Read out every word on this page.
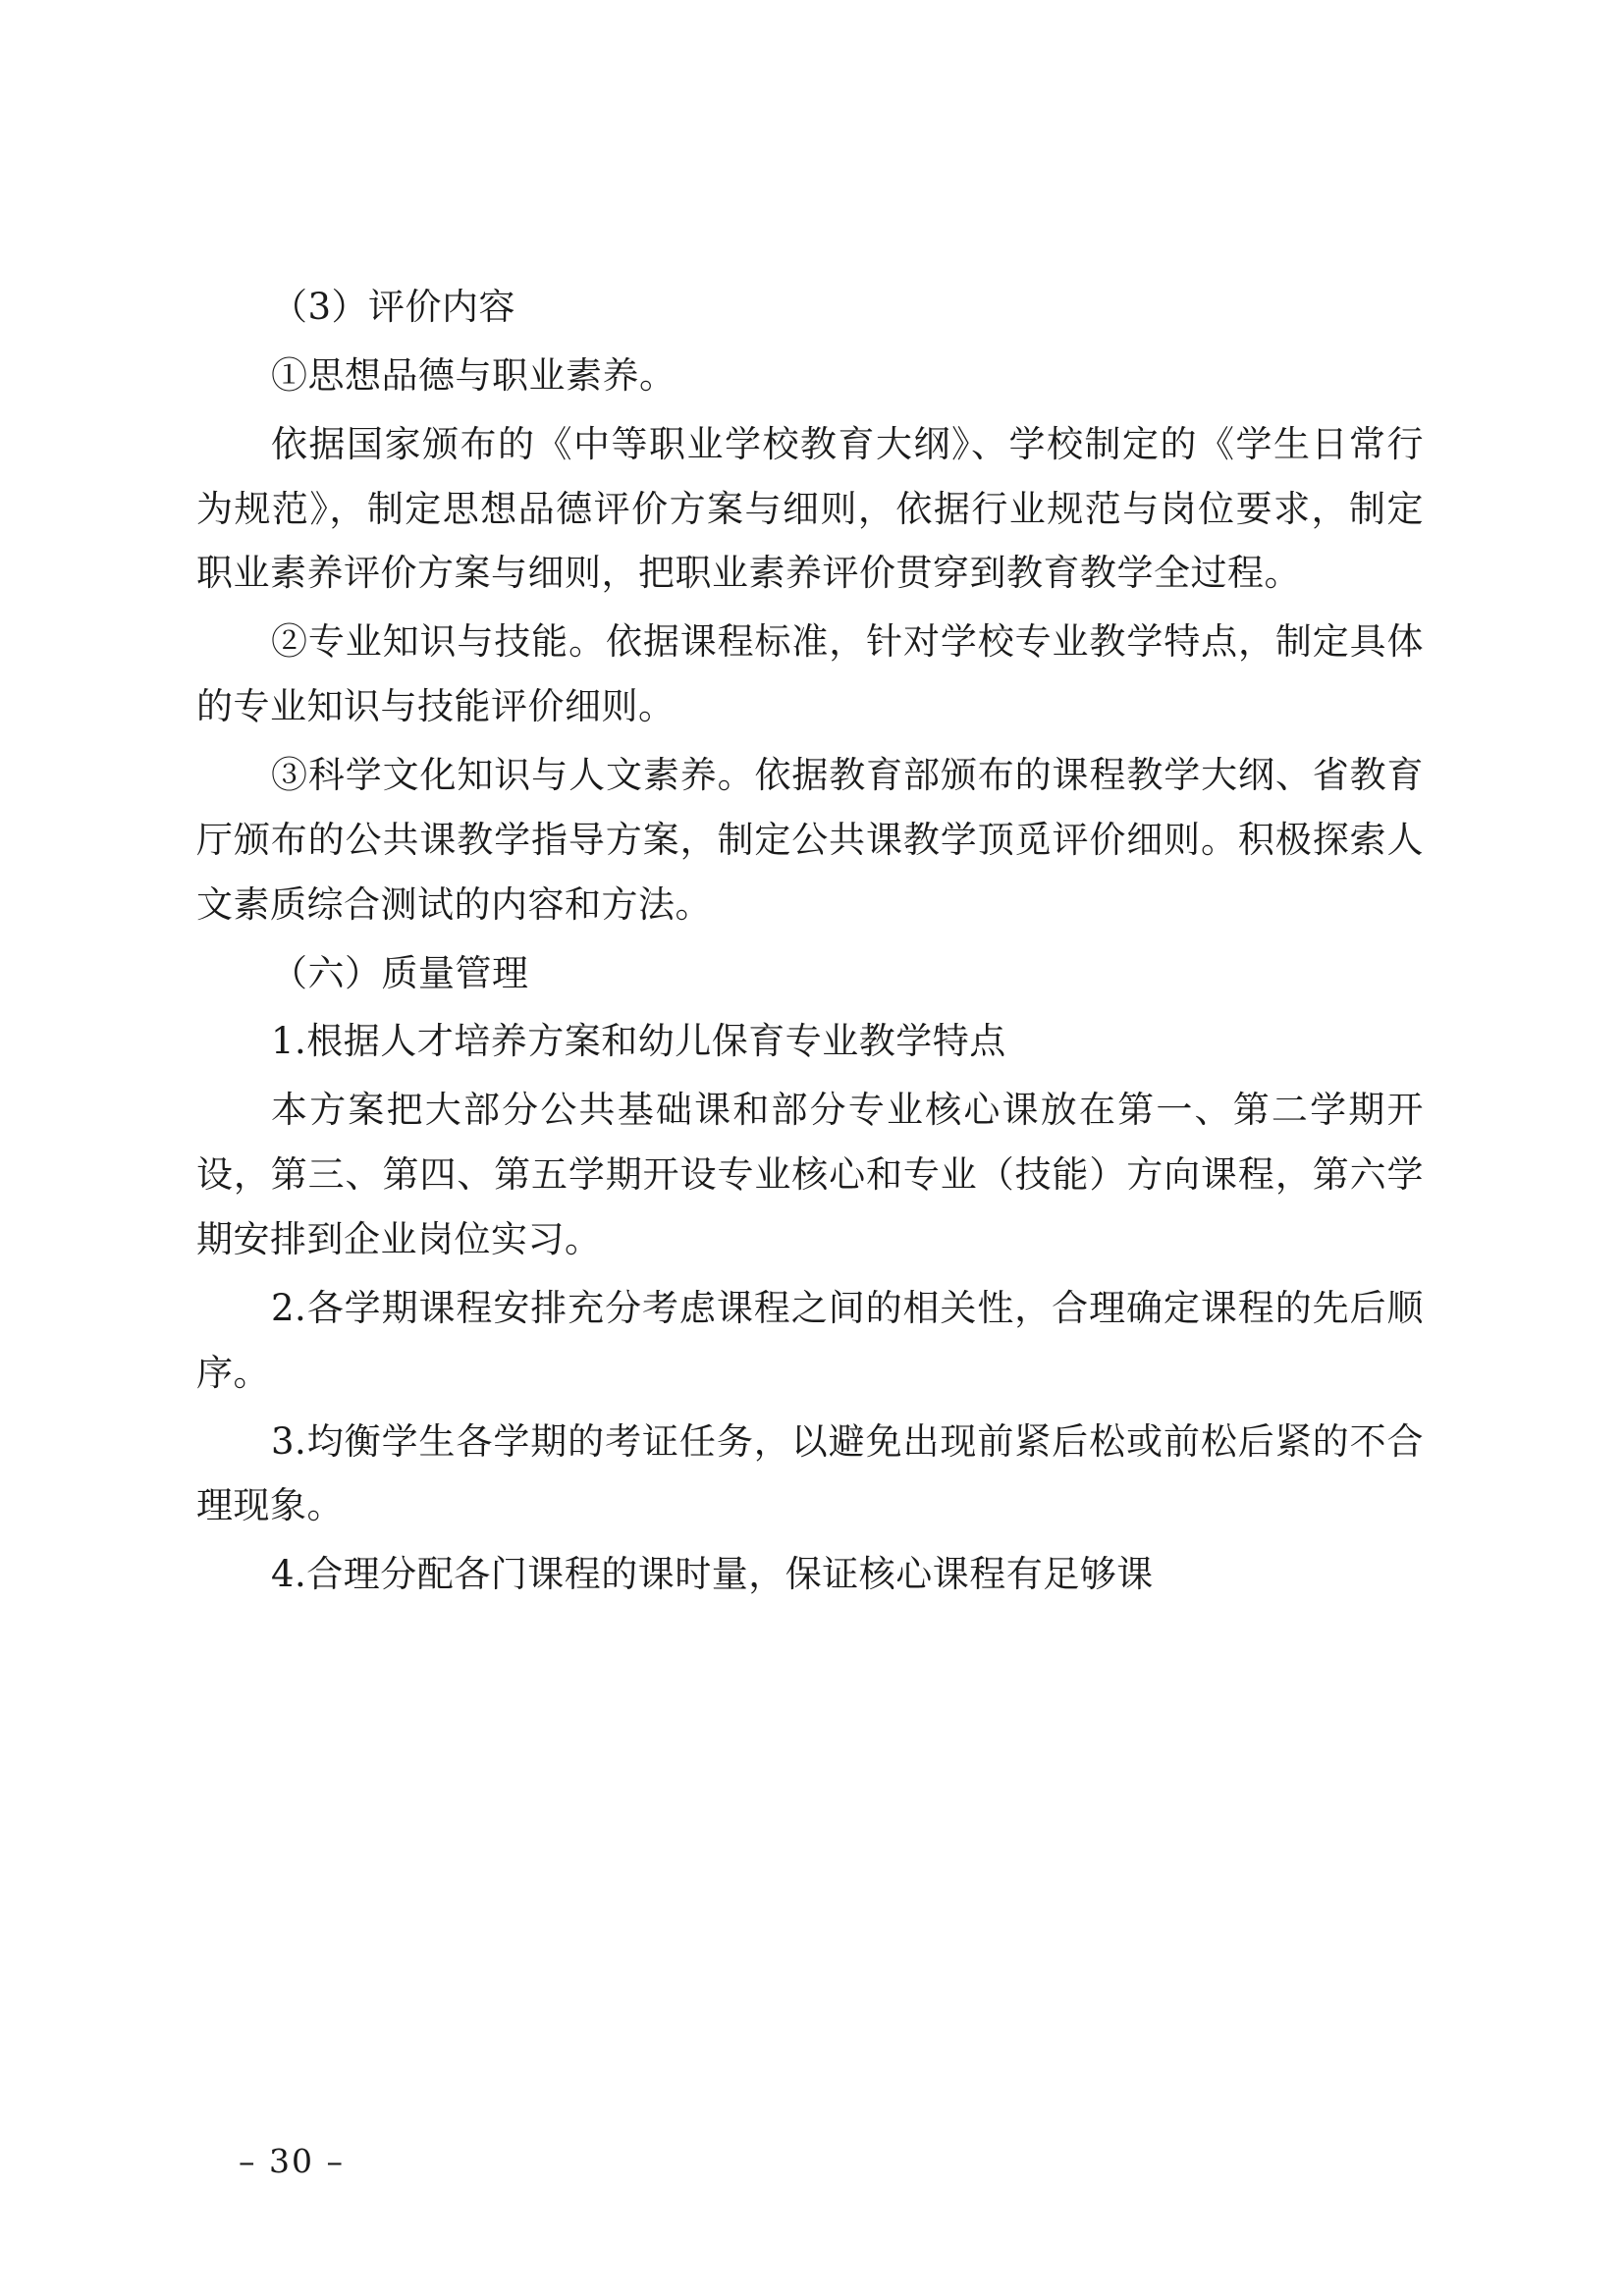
（3）评价内容

①思想品德与职业素养。

依据国家颁布的《中等职业学校教育大纲》、学校制定的《学生日常行为规范》，制定思想品德评价方案与细则，依据行业规范与岗位要求，制定职业素养评价方案与细则，把职业素养评价贯穿到教育教学全过程。

②专业知识与技能。依据课程标准，针对学校专业教学特点，制定具体的专业知识与技能评价细则。

③科学文化知识与人文素养。依据教育部颁布的课程教学大纲、省教育厅颁布的公共课教学指导方案，制定公共课教学顶觅评价细则。积极探索人文素质综合测试的内容和方法。

（六）质量管理

1.根据人才培养方案和幼儿保育专业教学特点

本方案把大部分公共基础课和部分专业核心课放在第一、第二学期开设，第三、第四、第五学期开设专业核心和专业（技能）方向课程，第六学期安排到企业岗位实习。

2.各学期课程安排充分考虑课程之间的相关性，合理确定课程的先后顺序。

3.均衡学生各学期的考证任务，以避免出现前紧后松或前松后紧的不合理现象。

4.合理分配各门课程的课时量，保证核心课程有足够课

– 30 –
